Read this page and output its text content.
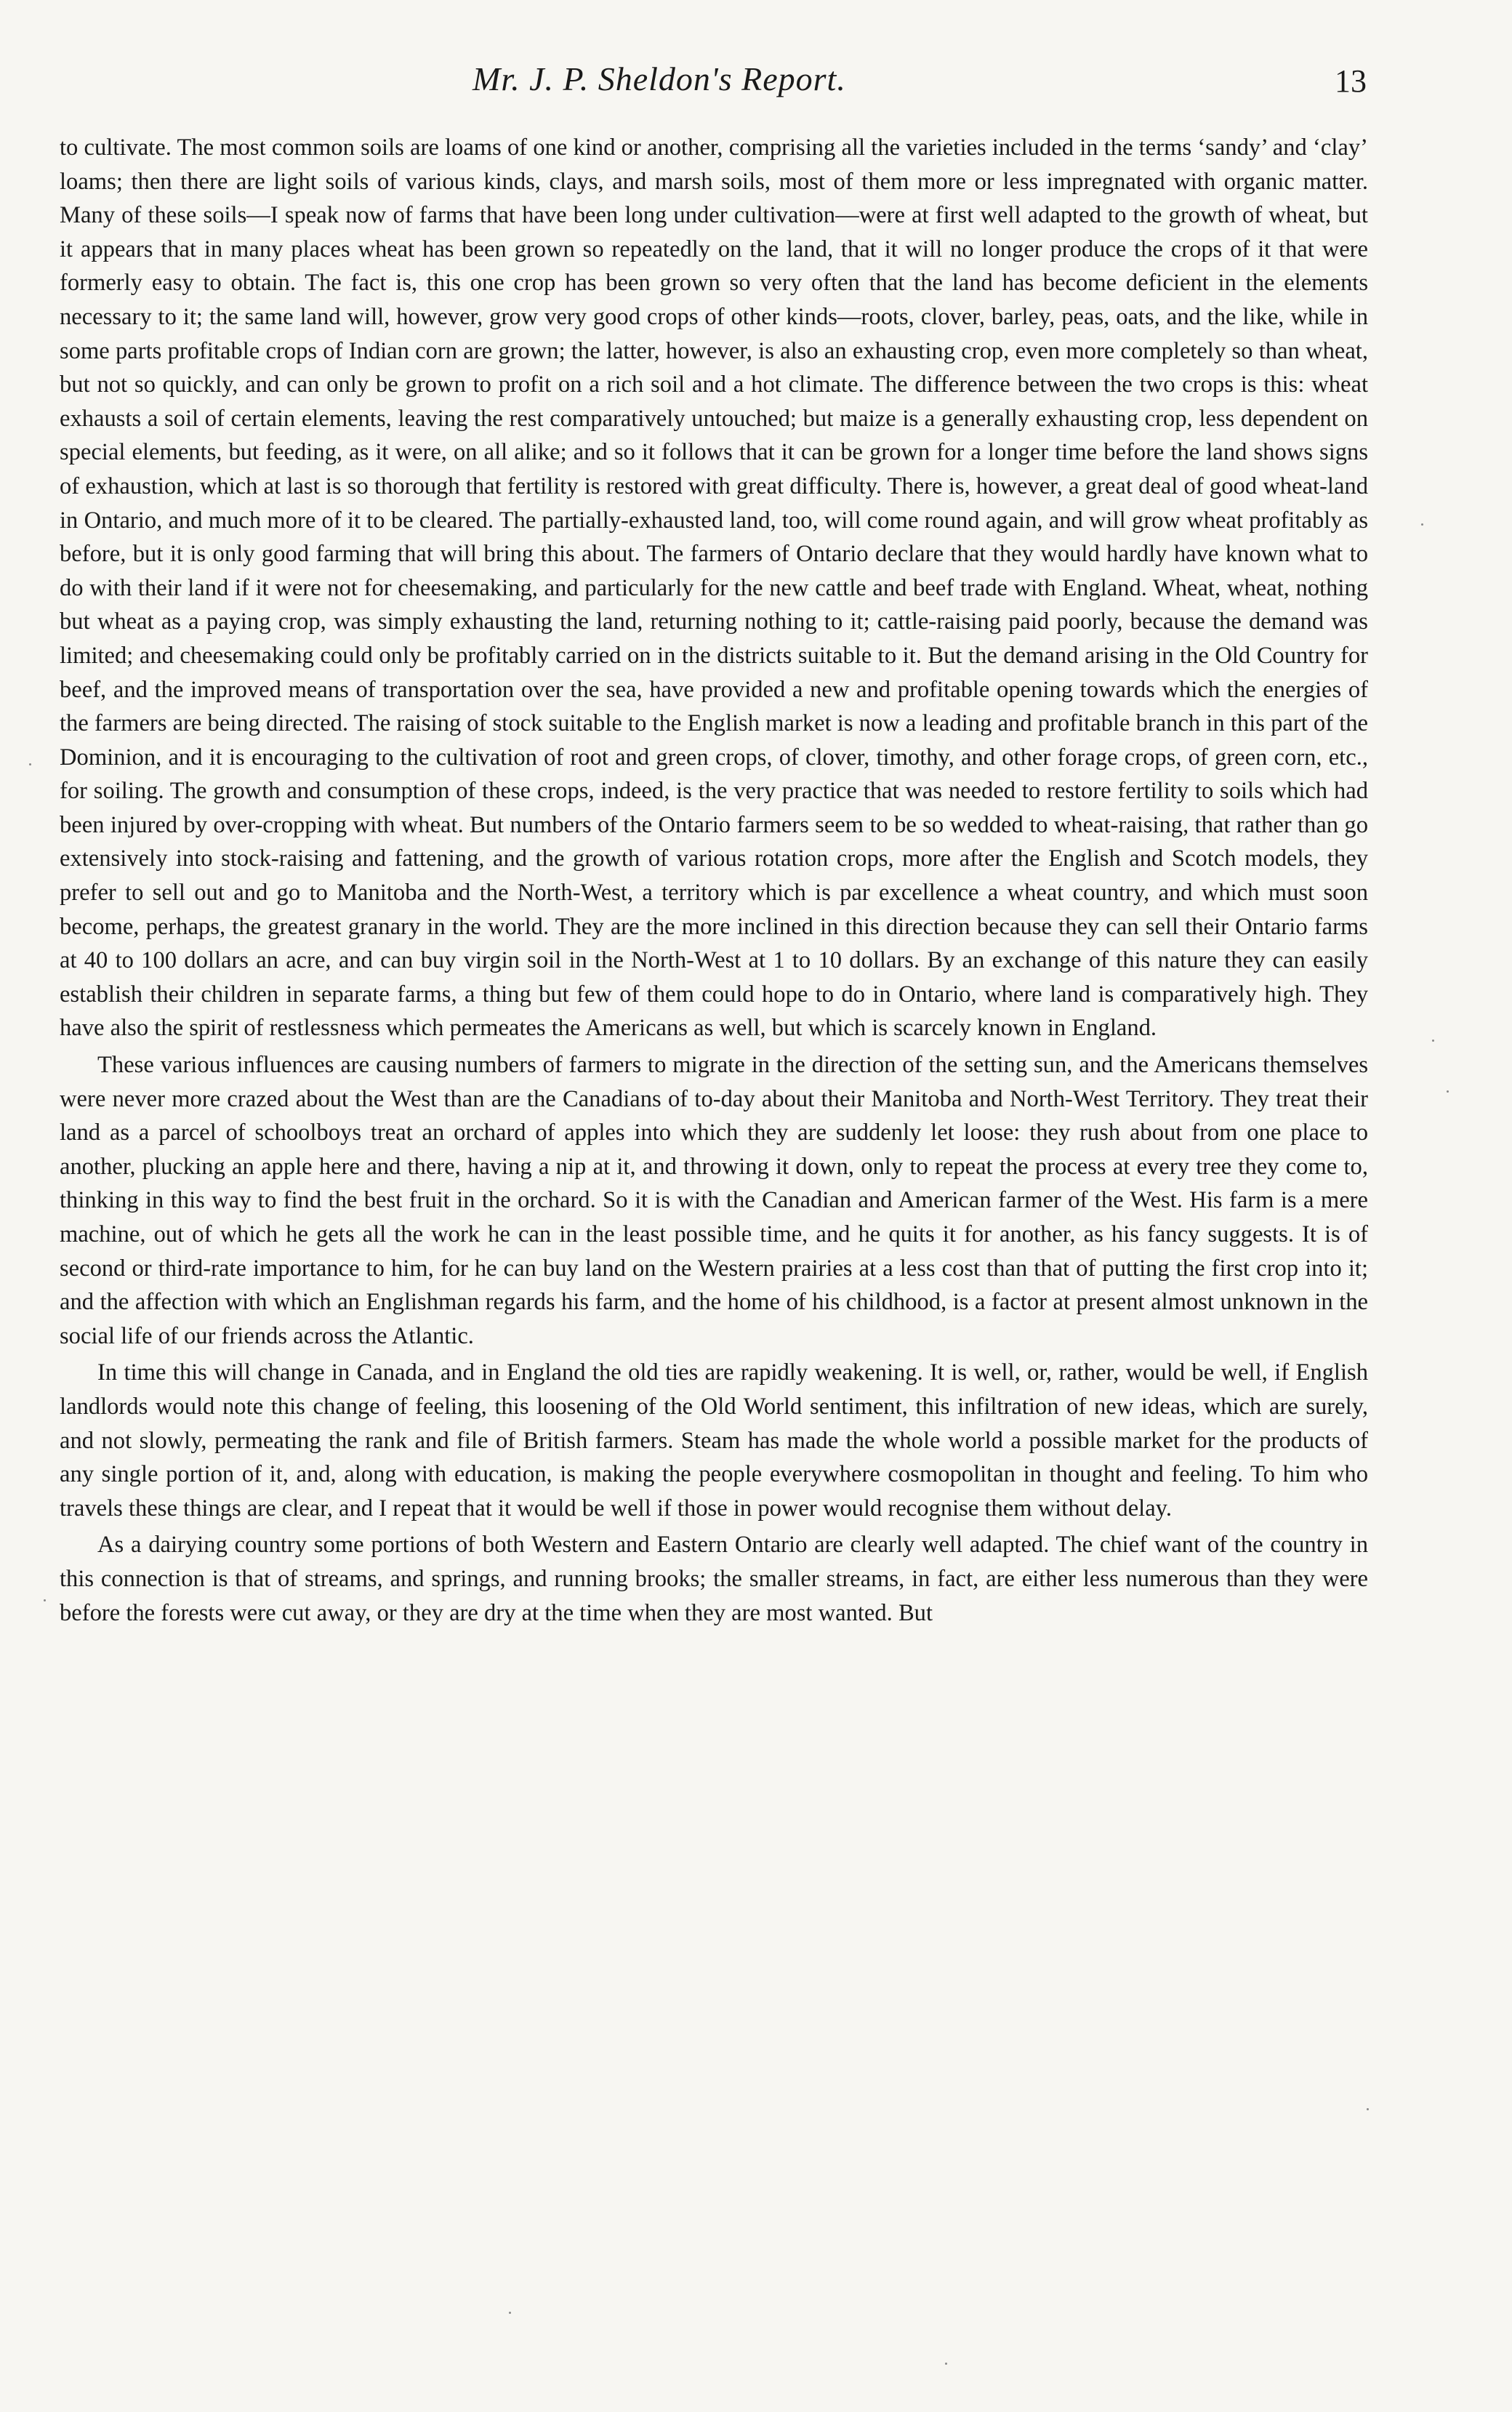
Mr. J. P. Sheldon's Report.	13

to cultivate. The most common soils are loams of one kind or another, comprising all the varieties included in the terms ‘sandy’ and ‘clay’ loams; then there are light soils of various kinds, clays, and marsh soils, most of them more or less impregnated with organic matter. Many of these soils—I speak now of farms that have been long under cultivation—were at first well adapted to the growth of wheat, but it appears that in many places wheat has been grown so repeatedly on the land, that it will no longer produce the crops of it that were formerly easy to obtain. The fact is, this one crop has been grown so very often that the land has become deficient in the elements necessary to it; the same land will, however, grow very good crops of other kinds—roots, clover, barley, peas, oats, and the like, while in some parts profitable crops of Indian corn are grown; the latter, however, is also an exhausting crop, even more completely so than wheat, but not so quickly, and can only be grown to profit on a rich soil and a hot climate. The difference between the two crops is this: wheat exhausts a soil of certain elements, leaving the rest comparatively untouched; but maize is a generally exhausting crop, less dependent on special elements, but feeding, as it were, on all alike; and so it follows that it can be grown for a longer time before the land shows signs of exhaustion, which at last is so thorough that fertility is restored with great difficulty. There is, however, a great deal of good wheat-land in Ontario, and much more of it to be cleared. The partially-exhausted land, too, will come round again, and will grow wheat profitably as before, but it is only good farming that will bring this about. The farmers of Ontario declare that they would hardly have known what to do with their land if it were not for cheesemaking, and particularly for the new cattle and beef trade with England. Wheat, wheat, nothing but wheat as a paying crop, was simply exhausting the land, returning nothing to it; cattle-raising paid poorly, because the demand was limited; and cheesemaking could only be profitably carried on in the districts suitable to it. But the demand arising in the Old Country for beef, and the improved means of transportation over the sea, have provided a new and profitable opening towards which the energies of the farmers are being directed. The raising of stock suitable to the English market is now a leading and profitable branch in this part of the Dominion, and it is encouraging to the cultivation of root and green crops, of clover, timothy, and other forage crops, of green corn, etc., for soiling. The growth and consumption of these crops, indeed, is the very practice that was needed to restore fertility to soils which had been injured by over-cropping with wheat. But numbers of the Ontario farmers seem to be so wedded to wheat-raising, that rather than go extensively into stock-raising and fattening, and the growth of various rotation crops, more after the English and Scotch models, they prefer to sell out and go to Manitoba and the North-West, a territory which is par excellence a wheat country, and which must soon become, perhaps, the greatest granary in the world. They are the more inclined in this direction because they can sell their Ontario farms at 40 to 100 dollars an acre, and can buy virgin soil in the North-West at 1 to 10 dollars. By an exchange of this nature they can easily establish their children in separate farms, a thing but few of them could hope to do in Ontario, where land is comparatively high. They have also the spirit of restlessness which permeates the Americans as well, but which is scarcely known in England.

These various influences are causing numbers of farmers to migrate in the direction of the setting sun, and the Americans themselves were never more crazed about the West than are the Canadians of to-day about their Manitoba and North-West Territory. They treat their land as a parcel of schoolboys treat an orchard of apples into which they are suddenly let loose: they rush about from one place to another, plucking an apple here and there, having a nip at it, and throwing it down, only to repeat the process at every tree they come to, thinking in this way to find the best fruit in the orchard. So it is with the Canadian and American farmer of the West. His farm is a mere machine, out of which he gets all the work he can in the least possible time, and he quits it for another, as his fancy suggests. It is of second or third-rate importance to him, for he can buy land on the Western prairies at a less cost than that of putting the first crop into it; and the affection with which an Englishman regards his farm, and the home of his childhood, is a factor at present almost unknown in the social life of our friends across the Atlantic.

In time this will change in Canada, and in England the old ties are rapidly weakening. It is well, or, rather, would be well, if English landlords would note this change of feeling, this loosening of the Old World sentiment, this infiltration of new ideas, which are surely, and not slowly, permeating the rank and file of British farmers. Steam has made the whole world a possible market for the products of any single portion of it, and, along with education, is making the people everywhere cosmopolitan in thought and feeling. To him who travels these things are clear, and I repeat that it would be well if those in power would recognise them without delay.

As a dairying country some portions of both Western and Eastern Ontario are clearly well adapted. The chief want of the country in this connection is that of streams, and springs, and running brooks; the smaller streams, in fact, are either less numerous than they were before the forests were cut away, or they are dry at the time when they are most wanted. But
